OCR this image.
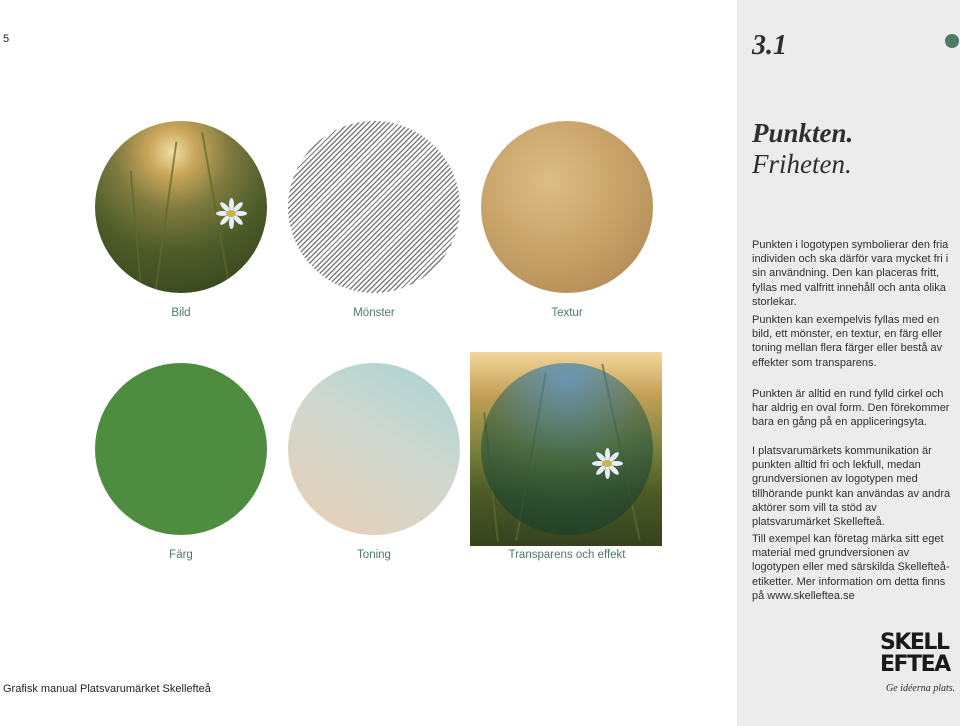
5
Bild	Mönster	Textur
Färg	Toning	Transparens och effekt
3.1
Punkten.
Friheten.

Punkten i logotypen symbolierar den fria individen och ska därför vara mycket fri i sin användning. Den kan placeras fritt, fyllas med valfritt innehåll och anta olika storlekar.

Punkten kan exempelvis fyllas med en bild, ett mönster, en textur, en färg eller toning mellan flera färger eller bestå av effekter som transparens.

Punkten är alltid en rund fylld cirkel och har aldrig en oval form. Den förekommer bara en gång på en appliceringsyta.

I platsvarumärkets kommunikation är punkten alltid fri och lekfull, medan grundversionen av logotypen med tillhörande punkt kan användas av andra aktörer som vill ta stöd av platsvarumärket Skellefteå.

Till exempel kan företag märka sitt eget material med grundversionen av logotypen eller med särskilda Skellefteå-etiketter. Mer information om detta finns på www.skelleftea.se

SKELL
EFTEA
Ge idéerna plats.
Grafisk manual Platsvarumärket Skellefteå
